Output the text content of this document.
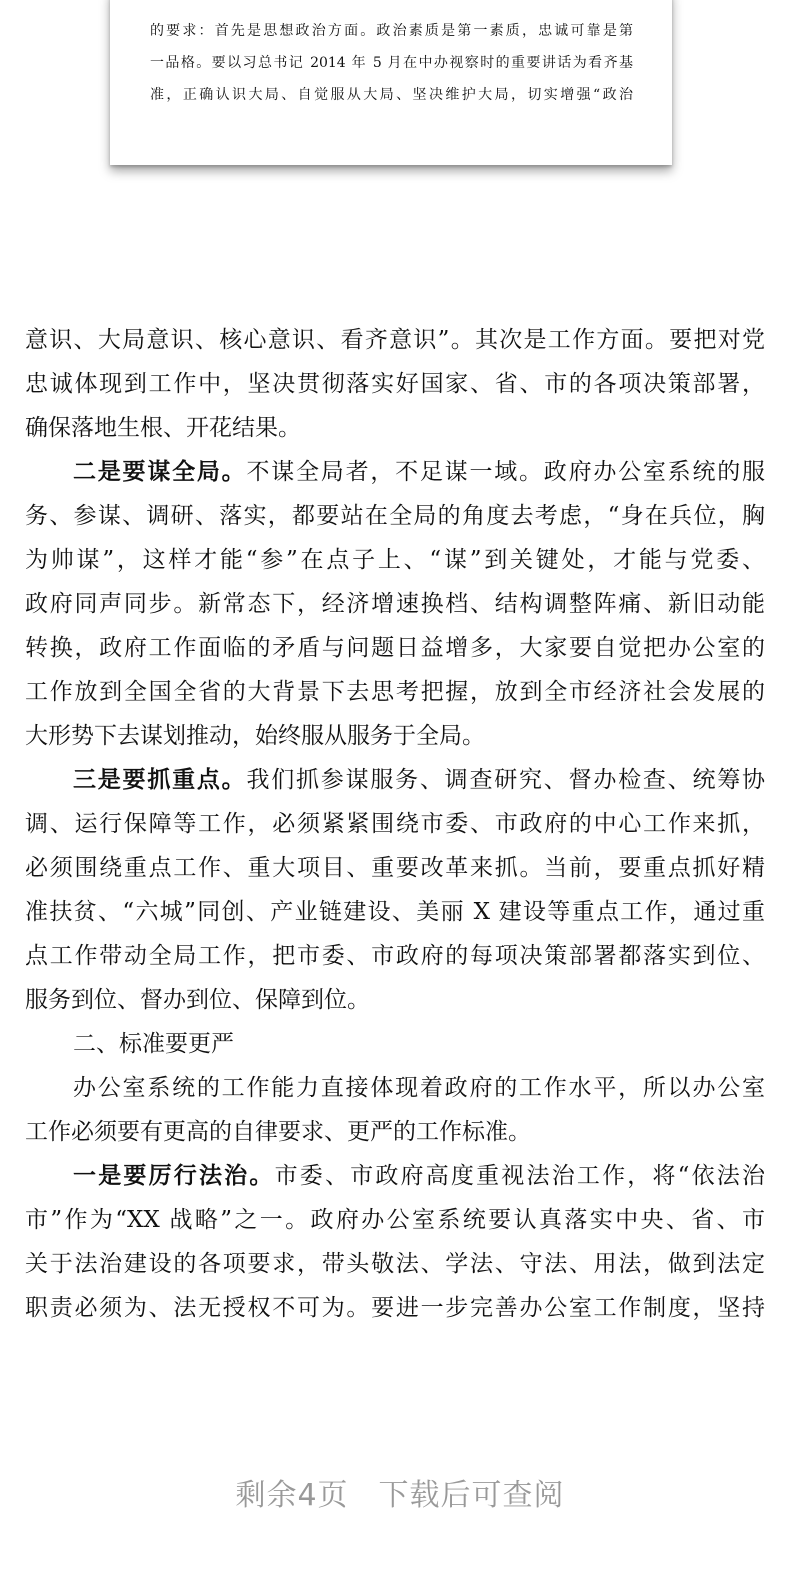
的要求：首先是思想政治方面。政治素质是第一素质，忠诚可靠是第
一品格。要以习总书记 2014 年 5 月在中办视察时的重要讲话为看齐基
准，正确认识大局、自觉服从大局、坚决维护大局，切实增强“政治
意识、大局意识、核心意识、看齐意识”。其次是工作方面。要把对党
忠诚体现到工作中，坚决贯彻落实好国家、省、市的各项决策部署，
确保落地生根、开花结果。
二是要谋全局。不谋全局者，不足谋一域。政府办公室系统的服
务、参谋、调研、落实，都要站在全局的角度去考虑，“身在兵位，胸
为帅谋”，这样才能“参”在点子上、“谋”到关键处，才能与党委、
政府同声同步。新常态下，经济增速换档、结构调整阵痛、新旧动能
转换，政府工作面临的矛盾与问题日益增多，大家要自觉把办公室的
工作放到全国全省的大背景下去思考把握，放到全市经济社会发展的
大形势下去谋划推动，始终服从服务于全局。
三是要抓重点。我们抓参谋服务、调查研究、督办检查、统筹协
调、运行保障等工作，必须紧紧围绕市委、市政府的中心工作来抓，
必须围绕重点工作、重大项目、重要改革来抓。当前，要重点抓好精
准扶贫、“六城”同创、产业链建设、美丽 X 建设等重点工作，通过重
点工作带动全局工作，把市委、市政府的每项决策部署都落实到位、
服务到位、督办到位、保障到位。
二、标准要更严
办公室系统的工作能力直接体现着政府的工作水平，所以办公室
工作必须要有更高的自律要求、更严的工作标准。
一是要厉行法治。市委、市政府高度重视法治工作，将“依法治
市”作为“XX 战略”之一。政府办公室系统要认真落实中央、省、市
关于法治建设的各项要求，带头敬法、学法、守法、用法，做到法定
职责必须为、法无授权不可为。要进一步完善办公室工作制度，坚持
剩余4页 下载后可查阅
